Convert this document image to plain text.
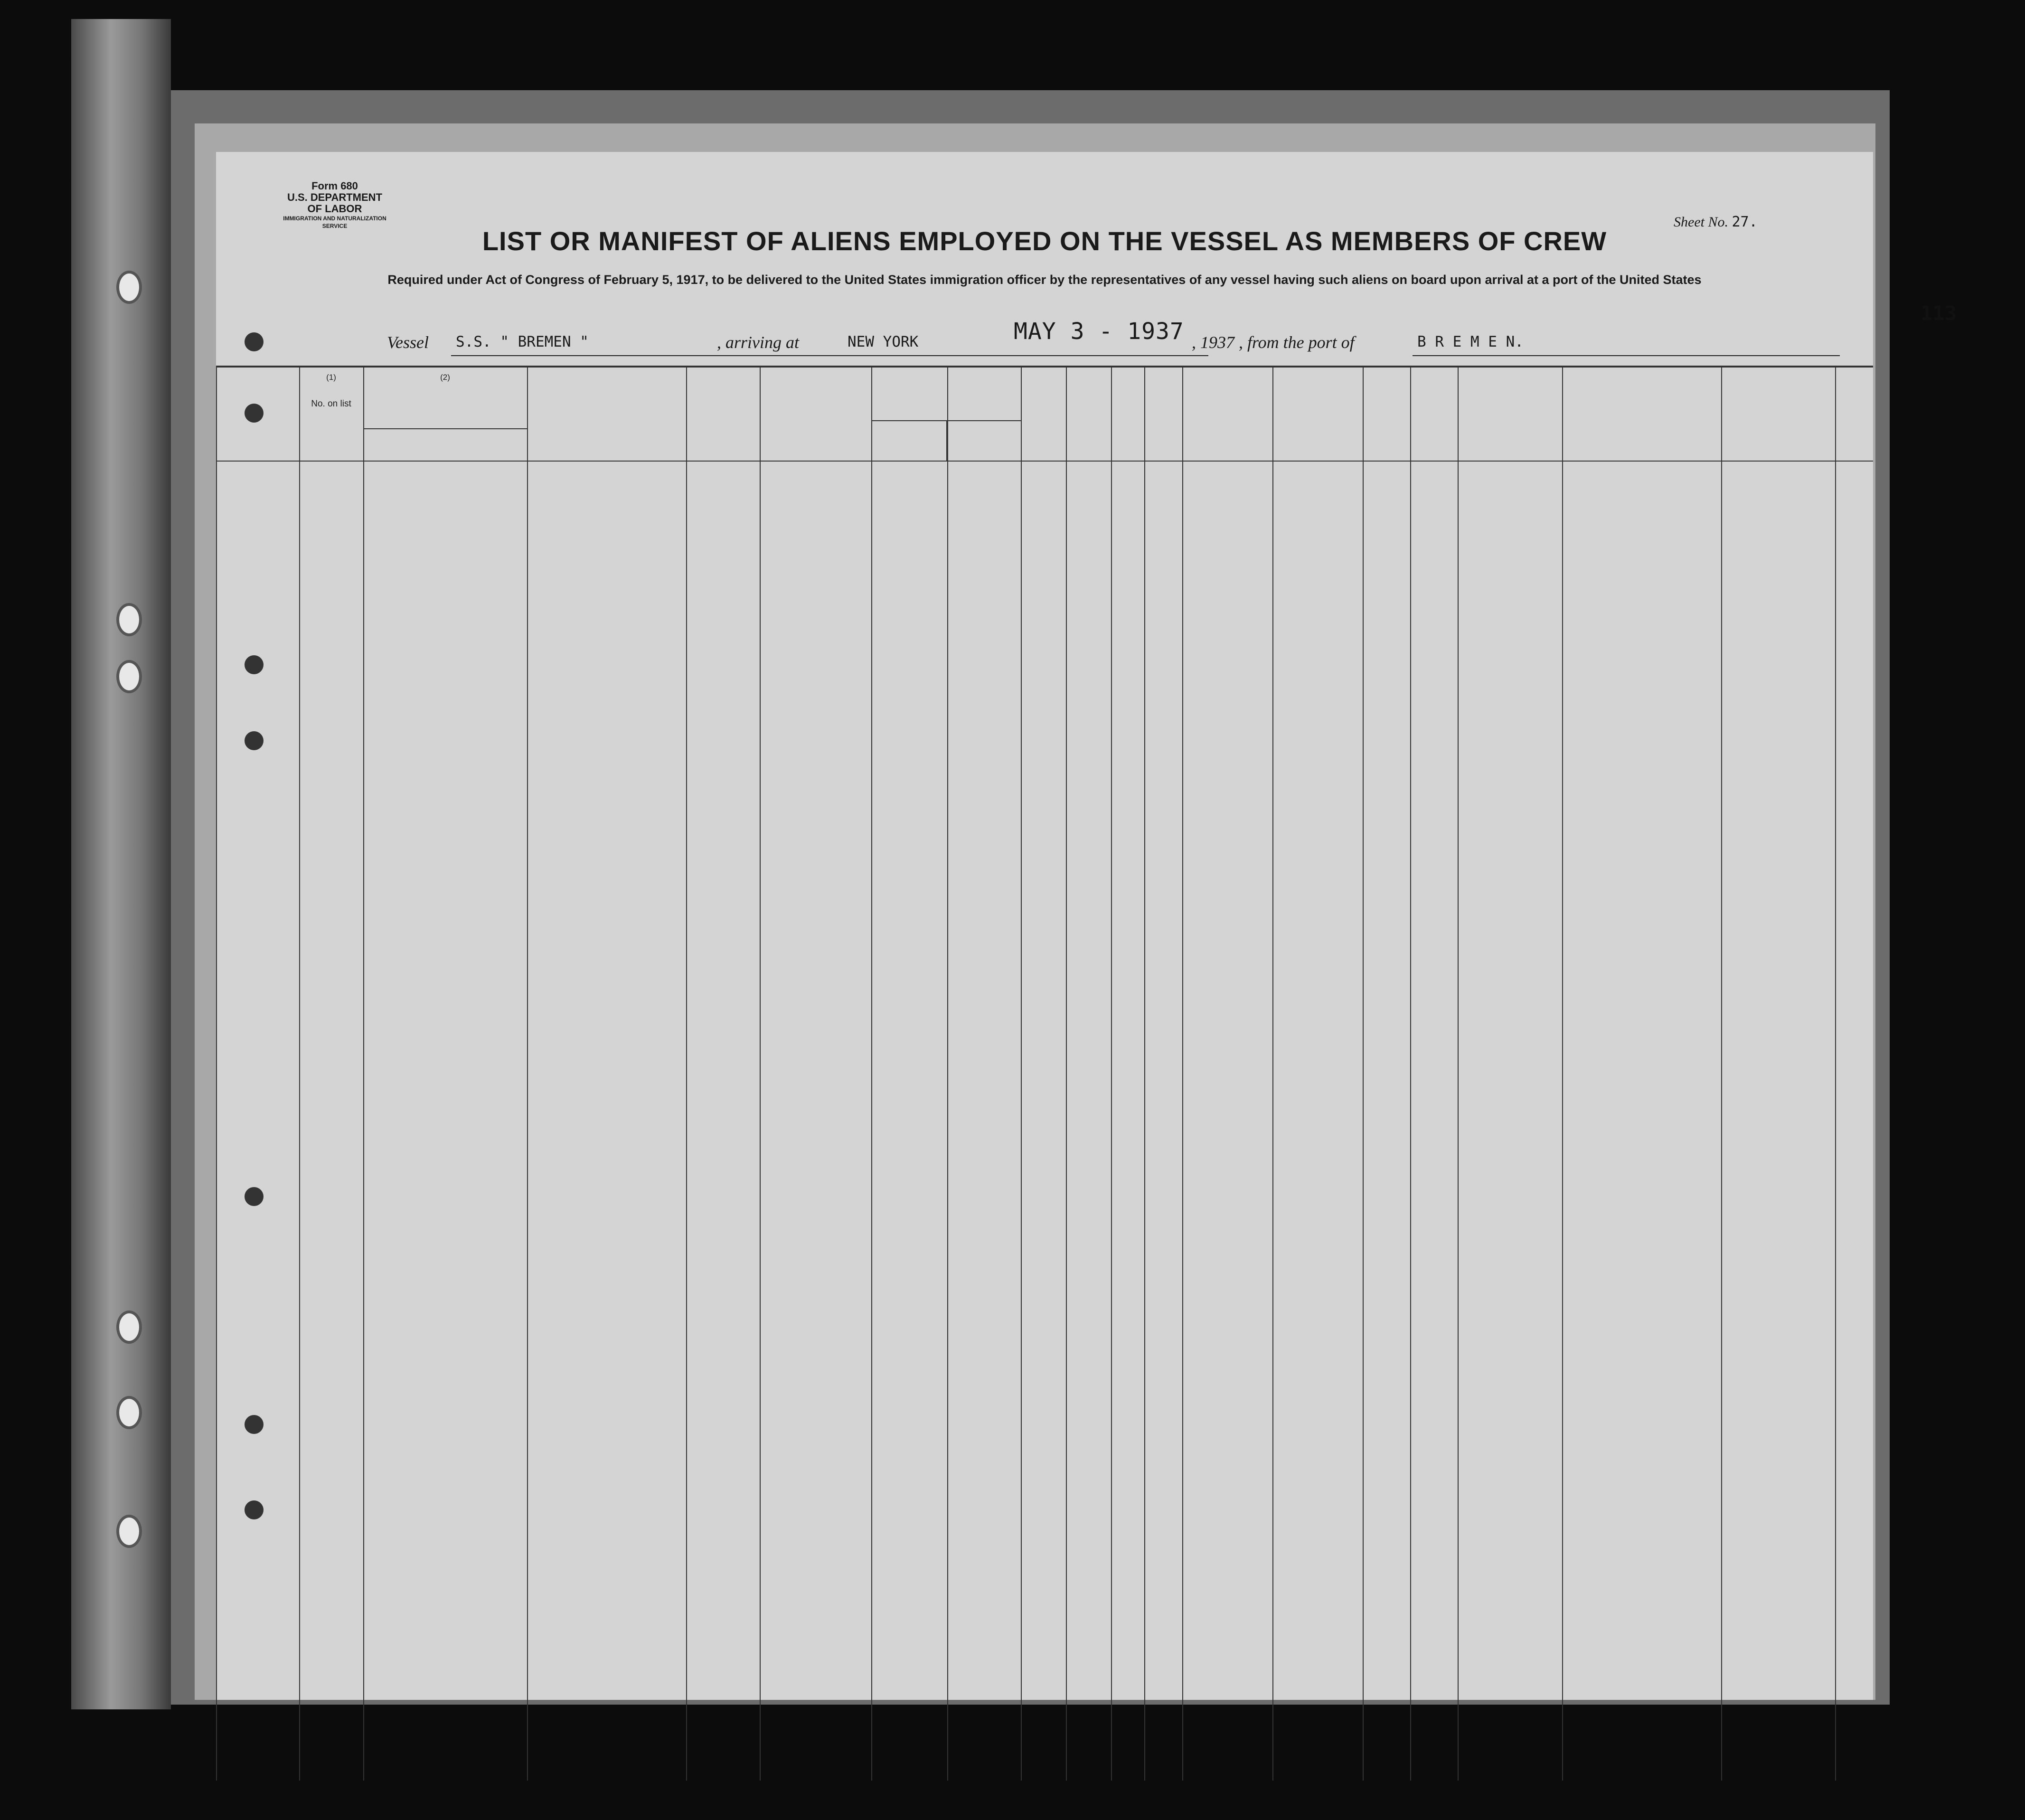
Form 680
U.S. DEPARTMENT OF LABOR
IMMIGRATION AND NATURALIZATION SERVICE	Sheet No. 27.
LIST OR MANIFEST OF ALIENS EMPLOYED ON THE VESSEL AS MEMBERS OF CREW
Required under Act of Congress of February 5, 1917, to be delivered to the United States immigration officer by the representatives of any vessel having such aliens on board upon arrival at a port of the United States
113
Vessel S.S. " BREMEN "	, arriving at	NEW YORK	MAY 3 - 1937 , 1937 , from the port of	B R E M E N.
(1)	(2)
No. on list
